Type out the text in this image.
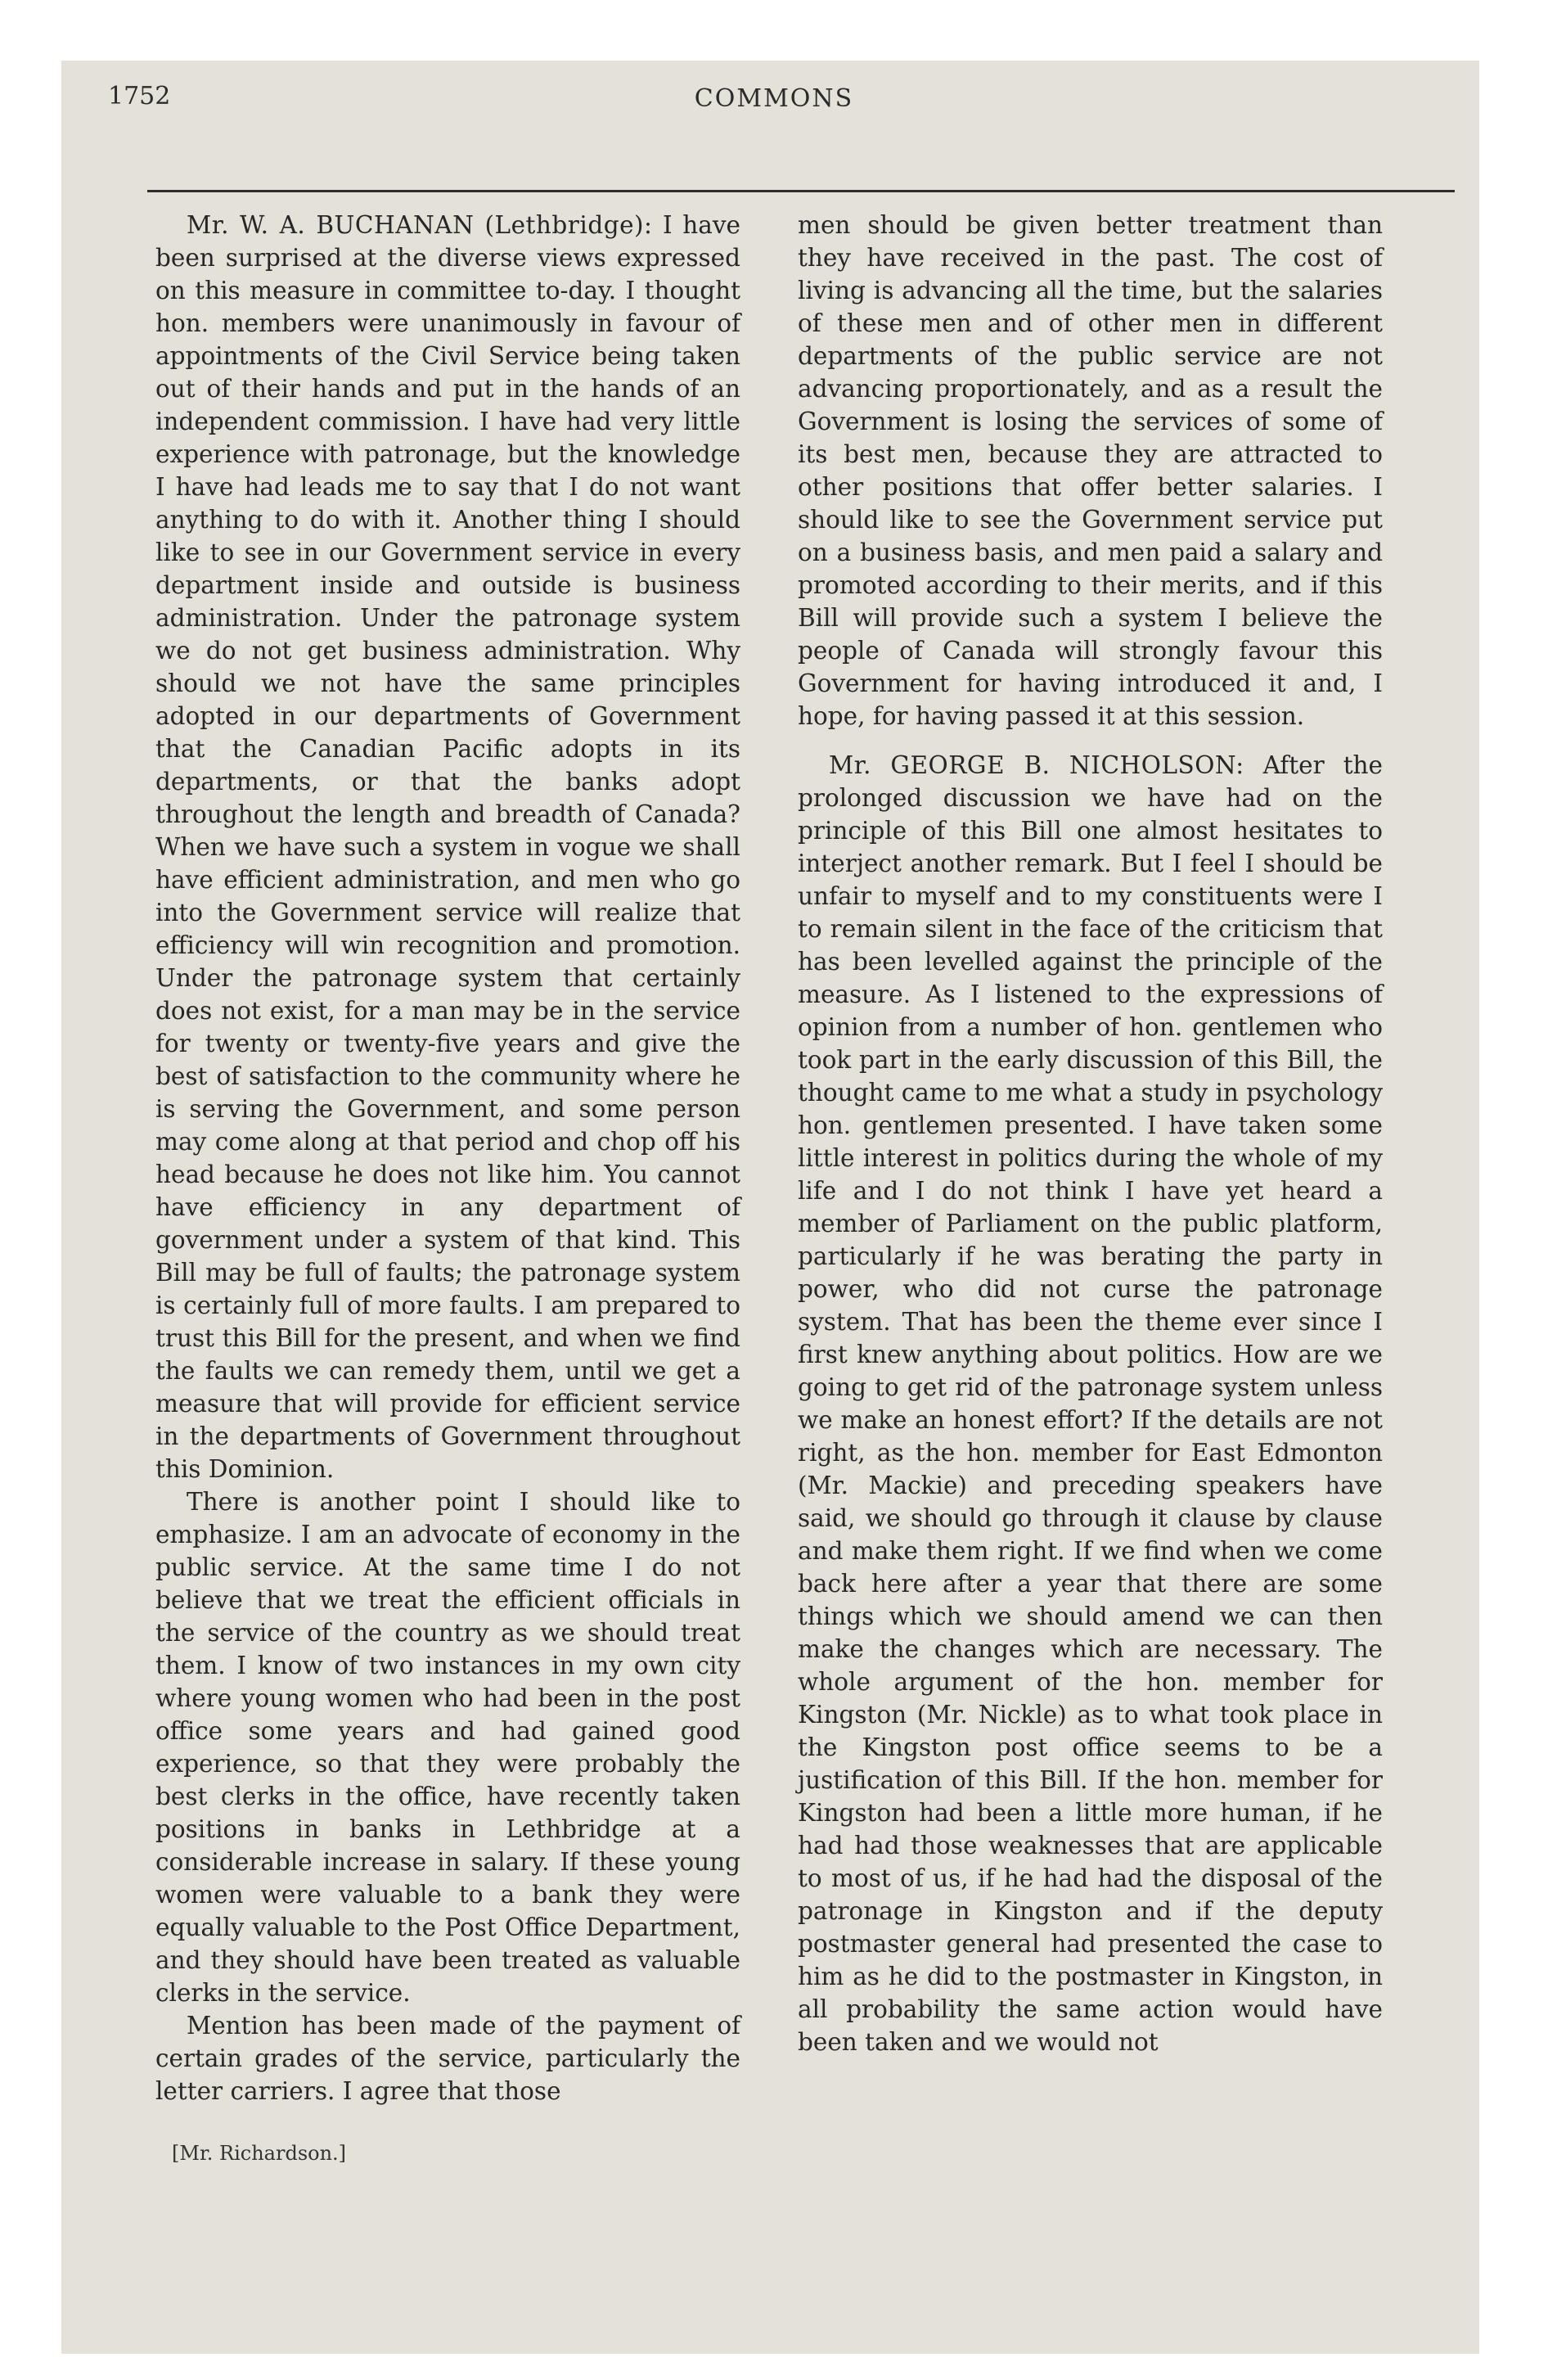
1752	COMMONS

Mr. W. A. BUCHANAN (Lethbridge): I have been surprised at the diverse views expressed on this measure in committee to-day. I thought hon. members were unanimously in favour of appointments of the Civil Service being taken out of their hands and put in the hands of an independent commission. I have had very little experience with patronage, but the knowledge I have had leads me to say that I do not want anything to do with it. Another thing I should like to see in our Government service in every department inside and outside is business administration. Under the patronage system we do not get business administration. Why should we not have the same principles adopted in our departments of Government that the Canadian Pacific adopts in its departments, or that the banks adopt throughout the length and breadth of Canada? When we have such a system in vogue we shall have efficient administration, and men who go into the Government service will realize that efficiency will win recognition and promotion. Under the patronage system that certainly does not exist, for a man may be in the service for twenty or twenty-five years and give the best of satisfaction to the community where he is serving the Government, and some person may come along at that period and chop off his head because he does not like him. You cannot have efficiency in any department of government under a system of that kind. This Bill may be full of faults; the patronage system is certainly full of more faults. I am prepared to trust this Bill for the present, and when we find the faults we can remedy them, until we get a measure that will provide for efficient service in the departments of Government throughout this Dominion.

There is another point I should like to emphasize. I am an advocate of economy in the public service. At the same time I do not believe that we treat the efficient officials in the service of the country as we should treat them. I know of two instances in my own city where young women who had been in the post office some years and had gained good experience, so that they were probably the best clerks in the office, have recently taken positions in banks in Lethbridge at a considerable increase in salary. If these young women were valuable to a bank they were equally valuable to the Post Office Department, and they should have been treated as valuable clerks in the service.

Mention has been made of the payment of certain grades of the service, particularly the letter carriers. I agree that those

men should be given better treatment than they have received in the past. The cost of living is advancing all the time, but the salaries of these men and of other men in different departments of the public service are not advancing proportionately, and as a result the Government is losing the services of some of its best men, because they are attracted to other positions that offer better salaries. I should like to see the Government service put on a business basis, and men paid a salary and promoted according to their merits, and if this Bill will provide such a system I believe the people of Canada will strongly favour this Government for having introduced it and, I hope, for having passed it at this session.

Mr. GEORGE B. NICHOLSON: After the prolonged discussion we have had on the principle of this Bill one almost hesitates to interject another remark. But I feel I should be unfair to myself and to my constituents were I to remain silent in the face of the criticism that has been levelled against the principle of the measure. As I listened to the expressions of opinion from a number of hon. gentlemen who took part in the early discussion of this Bill, the thought came to me what a study in psychology hon. gentlemen presented. I have taken some little interest in politics during the whole of my life and I do not think I have yet heard a member of Parliament on the public platform, particularly if he was berating the party in power, who did not curse the patronage system. That has been the theme ever since I first knew anything about politics. How are we going to get rid of the patronage system unless we make an honest effort? If the details are not right, as the hon. member for East Edmonton (Mr. Mackie) and preceding speakers have said, we should go through it clause by clause and make them right. If we find when we come back here after a year that there are some things which we should amend we can then make the changes which are necessary. The whole argument of the hon. member for Kingston (Mr. Nickle) as to what took place in the Kingston post office seems to be a justification of this Bill. If the hon. member for Kingston had been a little more human, if he had had those weaknesses that are applicable to most of us, if he had had the disposal of the patronage in Kingston and if the deputy postmaster general had presented the case to him as he did to the postmaster in Kingston, in all probability the same action would have been taken and we would not

[Mr. Richardson.]
